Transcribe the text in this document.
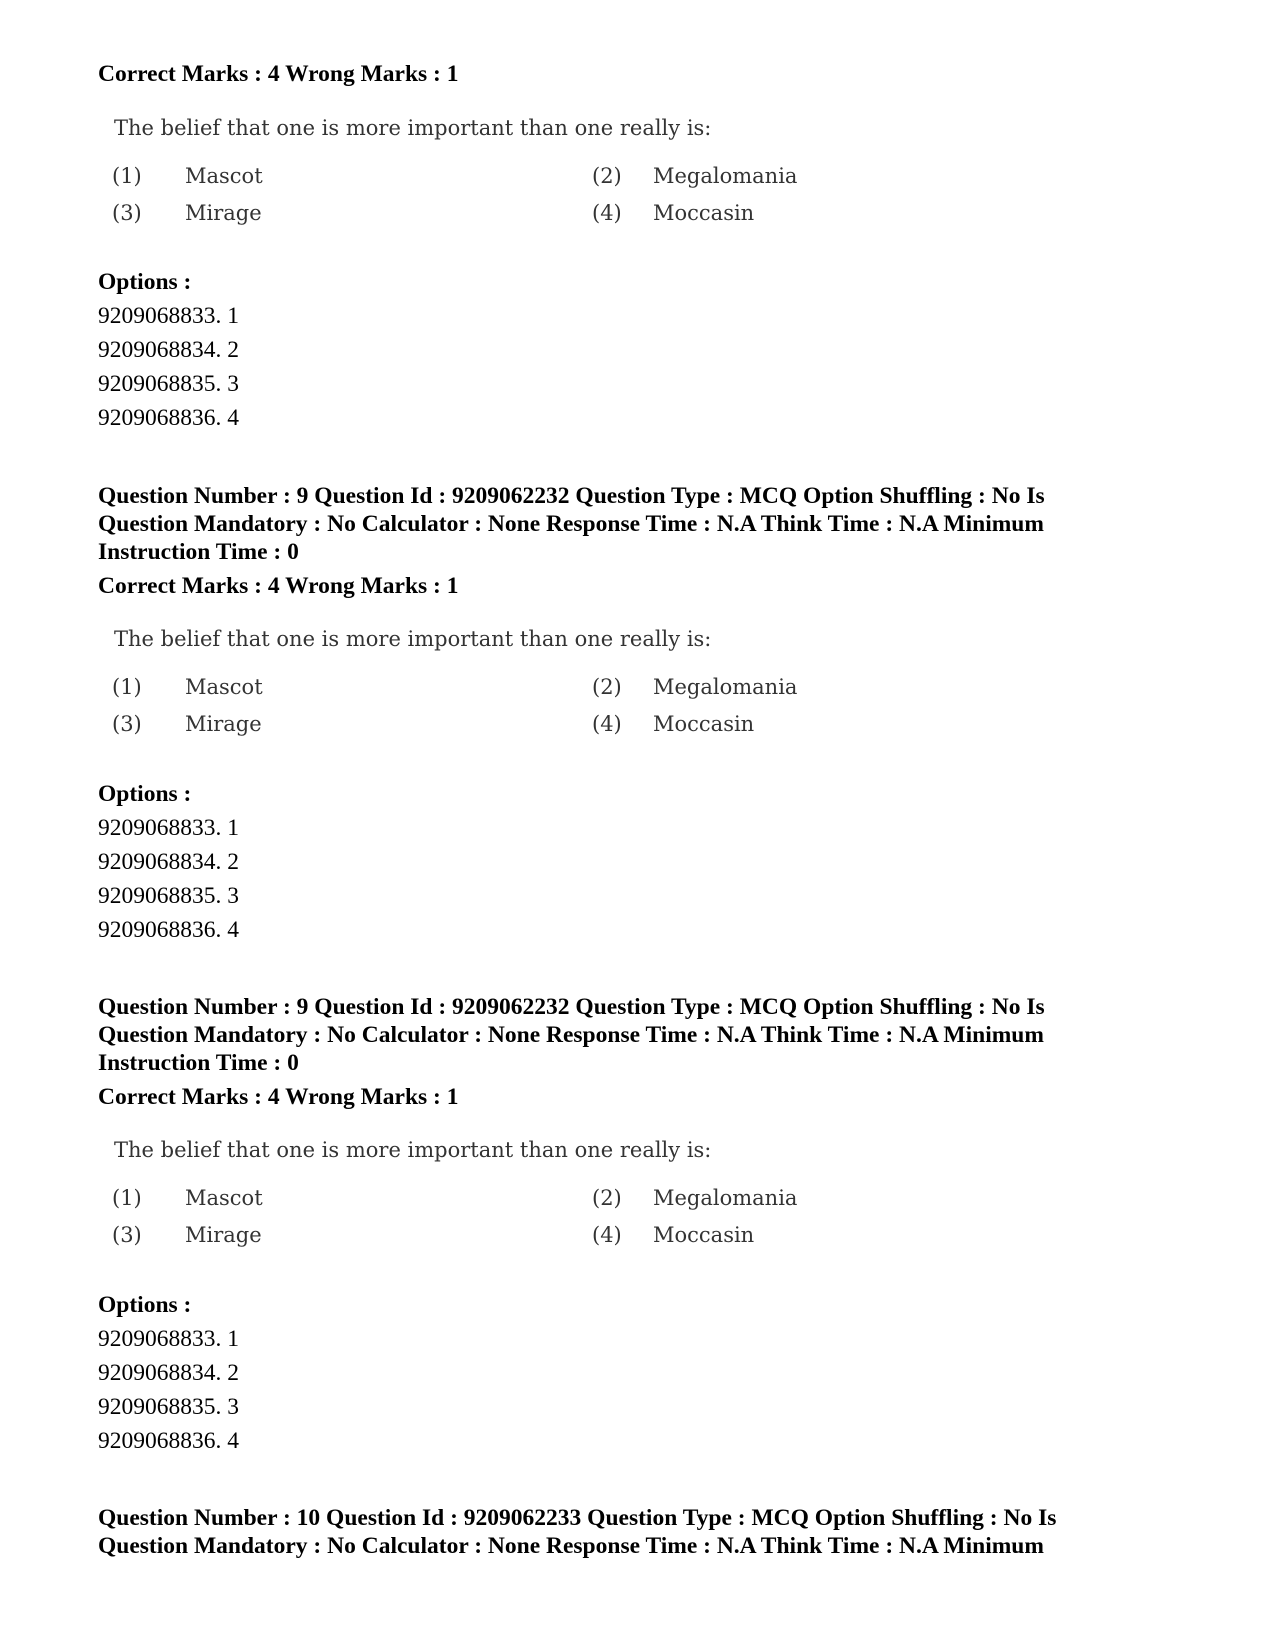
Correct Marks : 4 Wrong Marks : 1
The belief that one is more important than one really is:
(1) Mascot	(2) Megalomania
(3) Mirage	(4) Moccasin
Options :
9209068833. 1
9209068834. 2
9209068835. 3
9209068836. 4
Question Number : 9 Question Id : 9209062232 Question Type : MCQ Option Shuffling : No Is
Question Mandatory : No Calculator : None Response Time : N.A Think Time : N.A Minimum
Instruction Time : 0
Correct Marks : 4 Wrong Marks : 1
The belief that one is more important than one really is:
(1) Mascot	(2) Megalomania
(3) Mirage	(4) Moccasin
Options :
9209068833. 1
9209068834. 2
9209068835. 3
9209068836. 4
Question Number : 9 Question Id : 9209062232 Question Type : MCQ Option Shuffling : No Is
Question Mandatory : No Calculator : None Response Time : N.A Think Time : N.A Minimum
Instruction Time : 0
Correct Marks : 4 Wrong Marks : 1
The belief that one is more important than one really is:
(1) Mascot	(2) Megalomania
(3) Mirage	(4) Moccasin
Options :
9209068833. 1
9209068834. 2
9209068835. 3
9209068836. 4
Question Number : 10 Question Id : 9209062233 Question Type : MCQ Option Shuffling : No Is
Question Mandatory : No Calculator : None Response Time : N.A Think Time : N.A Minimum
